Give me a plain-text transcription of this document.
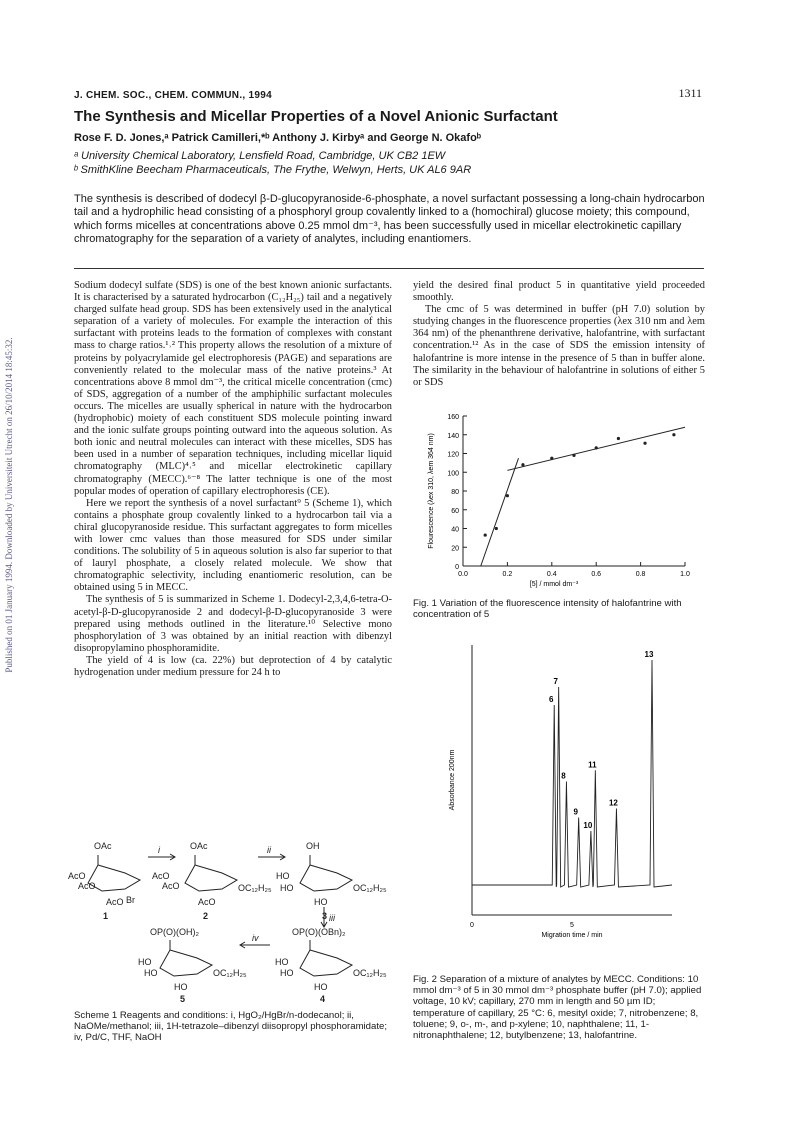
Published on 01 January 1994. Downloaded by Universiteit Utrecht on 26/10/2014 18:45:32.
J. CHEM. SOC., CHEM. COMMUN., 1994	1311
The Synthesis and Micellar Properties of a Novel Anionic Surfactant
Rose F. D. Jones,ᵃ Patrick Camilleri,*ᵇ Anthony J. Kirbyᵃ and George N. Okafoᵇ
ᵃ University Chemical Laboratory, Lensfield Road, Cambridge, UK CB2 1EW
ᵇ SmithKline Beecham Pharmaceuticals, The Frythe, Welwyn, Herts, UK AL6 9AR
The synthesis is described of dodecyl β-D-glucopyranoside-6-phosphate, a novel surfactant possessing a long-chain hydrocarbon tail and a hydrophilic head consisting of a phosphoryl group covalently linked to a (homochiral) glucose moiety; this compound, which forms micelles at concentrations above 0.25 mmol dm⁻³, has been successfully used in micellar electrokinetic capillary chromatography for the separation of a variety of analytes, including enantiomers.

Sodium dodecyl sulfate (SDS) is one of the best known anionic surfactants. It is characterised by a saturated hydrocarbon (C₁₂H₂₅) tail and a negatively charged sulfate head group. SDS has been extensively used in the analytical separation of a variety of molecules. For example the interaction of this surfactant with proteins leads to the formation of complexes with constant mass to charge ratios.¹˒² This property allows the resolution of a mixture of proteins by polyacrylamide gel electrophoresis (PAGE) and separations are conveniently related to the molecular mass of the native proteins.³ At concentrations above 8 mmol dm⁻³, the critical micelle concentration (cmc) of SDS, aggregation of a number of the amphiphilic surfactant molecules occurs. The micelles are usually spherical in nature with the hydrocarbon (hydrophobic) moiety of each constituent SDS molecule pointing inward and the ionic sulfate groups pointing outward into the aqueous solution. As both ionic and neutral molecules can interact with these micelles, SDS has been used in a number of separation techniques, including micellar liquid chromatography (MLC)⁴˒⁵ and micellar electrokinetic capillary chromatography (MECC).⁶⁻⁸ The latter technique is one of the most popular modes of operation of capillary electrophoresis (CE).

Here we report the synthesis of a novel surfactant⁹ 5 (Scheme 1), which contains a phosphate group covalently linked to a hydrocarbon tail via a chiral glucopyranoside residue. This surfactant aggregates to form micelles with lower cmc values than those measured for SDS under similar conditions. The solubility of 5 in aqueous solution is also far superior to that of lauryl phosphate, a closely related molecule. We show that chromatographic selectivity, including enantiomeric resolution, can be obtained using 5 in MECC.

The synthesis of 5 is summarized in Scheme 1. Dodecyl-2,3,4,6-tetra-O-acetyl-β-D-glucopyranoside 2 and dodecyl-β-D-glucopyranoside 3 were prepared using methods outlined in the literature.¹⁰ Selective mono phosphorylation of 3 was obtained by an initial reaction with dibenzyl disopropylamino phosphoramidite.

The yield of 4 is low (ca. 22%) but deprotection of 4 by catalytic hydrogenation under medium pressure for 24 h to

yield the desired final product 5 in quantitative yield proceeded smoothly.

The cmc of 5 was determined in buffer (pH 7.0) solution by studying changes in the fluorescence properties (λex 310 nm and λem 364 nm) of the phenanthrene derivative, halofantrine, with surfactant concentration.¹² As in the case of SDS the emission intensity of halofantrine is more intense in the presence of 5 than in buffer alone. The similarity in the behaviour of halofantrine in solutions of either 5 or SDS

OAc
AcO
AcO
AcO Br
1
i	OAc
AcO
AcO
AcO
OC₁₂H₂₅
2
ii	OH
HO
HO
HO
OC₁₂H₂₅
3 iii
OP(O)(OH)₂
HO
HO
HO
OC₁₂H₂₅
5
iv
OP(O)(OBn)₂
HO
HO
HO
OC₁₂H₂₅
4
Scheme 1 Reagents and conditions: i, HgO₂/HgBr/n-dodecanol; ii, NaOMe/methanol; iii, 1H-tetrazole–dibenzyl diisopropyl phosphoramidate; iv, Pd/C, THF, NaOH
0
20
40
60
80
100
120
140
160
0.0	0.2	0.4	0.6	0.8	1.0
[5] / mmol dm⁻³
Flourescence (λex 310, λem 364 nm)
Fig. 1 Variation of the fluorescence intensity of halofantrine with concentration of 5
6
7
8
9
10
11
12
13
0	5
Migration time / min
Absorbance 200nm
Fig. 2 Separation of a mixture of analytes by MECC. Conditions: 10 mmol dm⁻³ of 5 in 30 mmol dm⁻³ phosphate buffer (pH 7.0); applied voltage, 10 kV; capillary, 270 mm in length and 50 µm ID; temperature of capillary, 25 °C: 6, mesityl oxide; 7, nitrobenzene; 8, toluene; 9, o-, m-, and p-xylene; 10, naphthalene; 11, 1-nitronaphthalene; 12, butylbenzene; 13, halofantrine.
